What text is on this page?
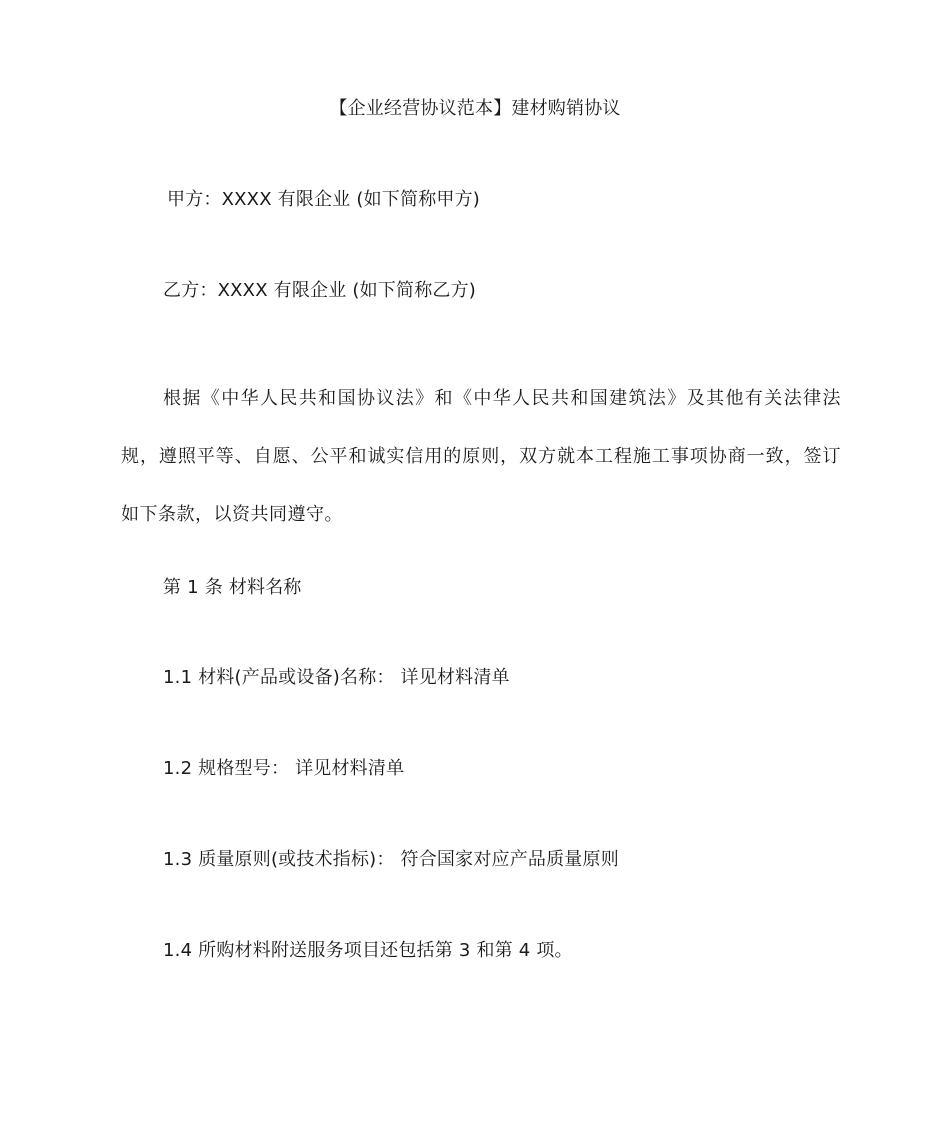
【企业经营协议范本】建材购销协议
甲方：XXXX 有限企业 (如下简称甲方)
乙方：XXXX 有限企业 (如下简称乙方)

根据《中华人民共和国协议法》和《中华人民共和国建筑法》及其他有关法律法规，遵照平等、自愿、公平和诚实信用的原则，双方就本工程施工事项协商一致，签订如下条款，以资共同遵守。

第 1 条 材料名称
1.1 材料(产品或设备)名称： 详见材料清单
1.2 规格型号： 详见材料清单
1.3 质量原则(或技术指标)： 符合国家对应产品质量原则
1.4 所购材料附送服务项目还包括第 3 和第 4 项。
